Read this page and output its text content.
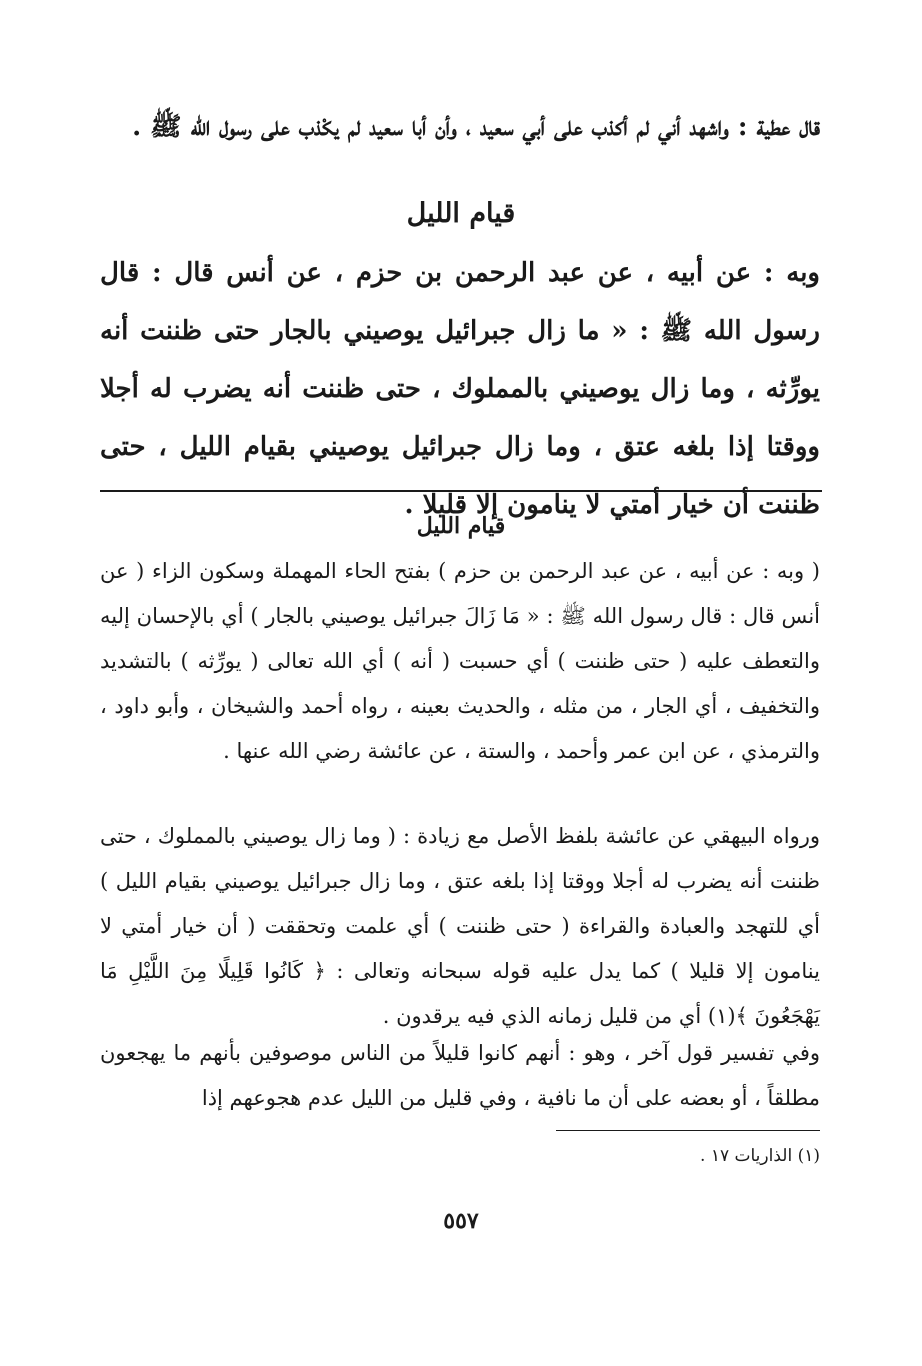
قال عطية : واشهد أني لم أكذب على أبي سعيد ، وأن أبا سعيد لم يكْذب على رسول الله ﷺ .

قيام الليل

وبه : عن أبيه ، عن عبد الرحمن بن حزم ، عن أنس قال : قال رسول الله ﷺ : « ما زال جبرائيل يوصيني بالجار حتى ظننت أنه يورِّثه ، وما زال يوصيني بالمملوك ، حتى ظننت أنه يضرب له أجلا ووقتا إذا بلغه عتق ، وما زال جبرائيل يوصيني بقيام الليل ، حتى ظننت أن خيار أمتي لا ينامون إلا قليلا .

قيام الليل

( وبه : عن أبيه ، عن عبد الرحمن بن حزم ) بفتح الحاء المهملة وسكون الزاء ( عن أنس قال : قال رسول الله ﷺ : « مَا زَالَ جبرائيل يوصيني بالجار ) أي بالإحسان إليه والتعطف عليه ( حتى ظننت ) أي حسبت ( أنه ) أي الله تعالى ( يورِّثه ) بالتشديد والتخفيف ، أي الجار ، من مثله ، والحديث بعينه ، رواه أحمد والشيخان ، وأبو داود ، والترمذي ، عن ابن عمر وأحمد ، والستة ، عن عائشة رضي الله عنها .

ورواه البيهقي عن عائشة بلفظ الأصل مع زيادة : ( وما زال يوصيني بالمملوك ، حتى ظننت أنه يضرب له أجلا ووقتا إذا بلغه عتق ، وما زال جبرائيل يوصيني بقيام الليل ) أي للتهجد والعبادة والقراءة ( حتى ظننت ) أي علمت وتحققت ( أن خيار أمتي لا ينامون إلا قليلا ) كما يدل عليه قوله سبحانه وتعالى : ﴿ كَانُوا قَلِيلًا مِنَ اللَّيْلِ مَا يَهْجَعُونَ ﴾(١) أي من قليل زمانه الذي فيه يرقدون .

وفي تفسير قول آخر ، وهو : أنهم كانوا قليلاً من الناس موصوفين بأنهم ما يهجعون مطلقاً ، أو بعضه على أن ما نافية ، وفي قليل من الليل عدم هجوعهم إذا

(١) الذاريات ١٧ .

٥٥٧
